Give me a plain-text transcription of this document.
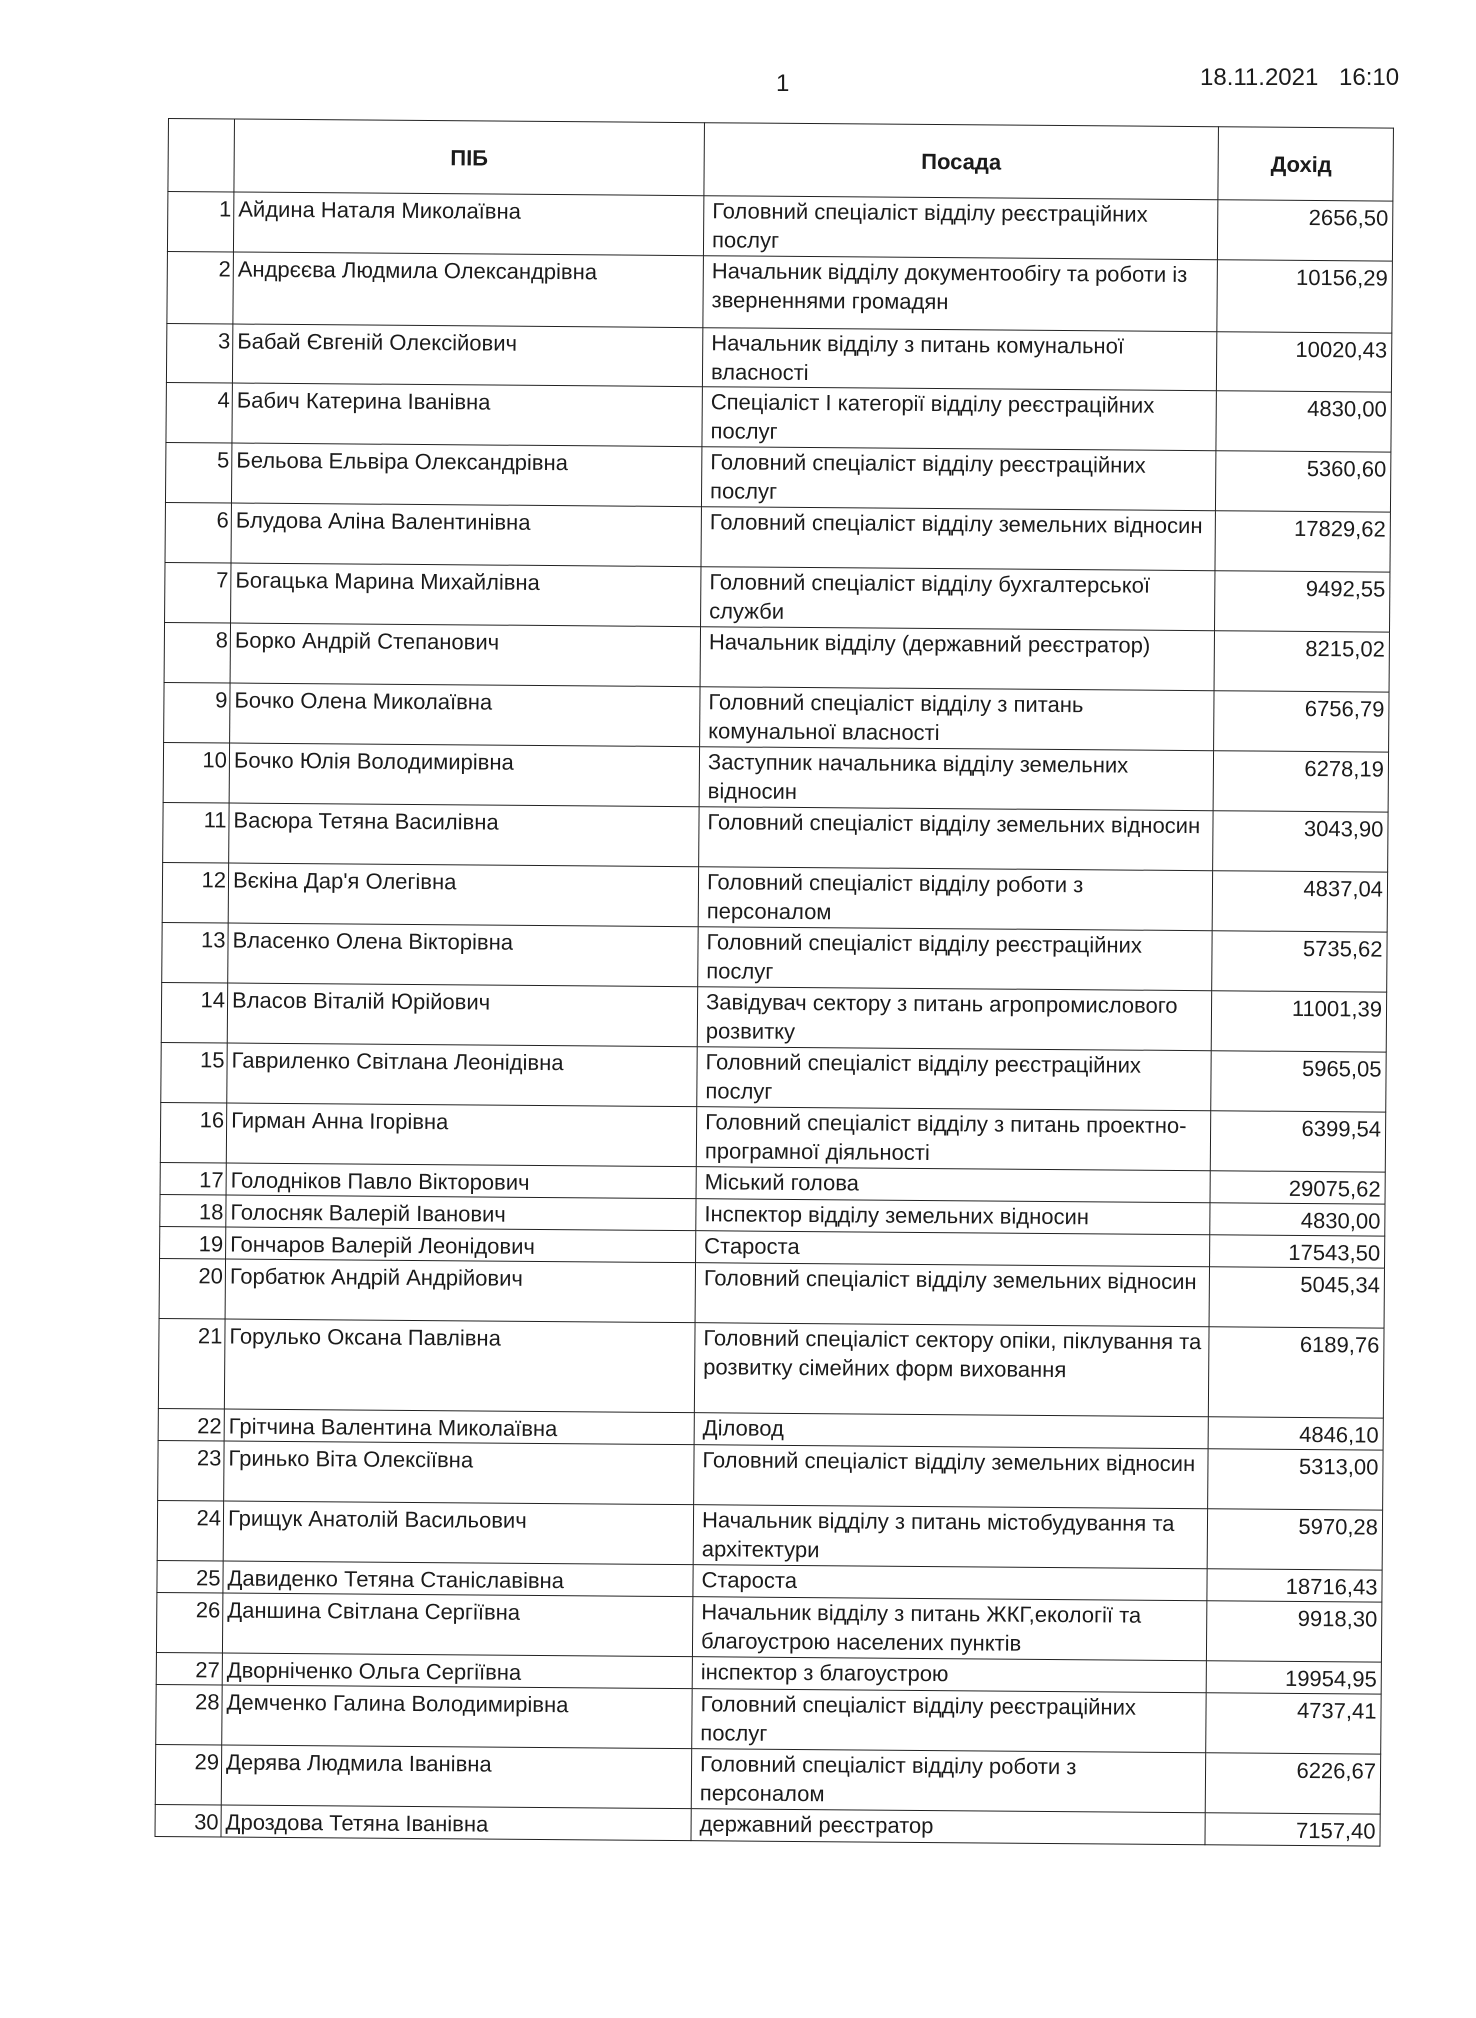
1	18.11.2021 16:10
	ПІБ	Посада	Дохід
1	Айдина Наталя Миколаївна	Головний спеціаліст відділу реєстраційних послуг	2656,50
2	Андрєєва Людмила Олександрівна	Начальник відділу документообігу та роботи із зверненнями громадян	10156,29
3	Бабай Євгеній Олексійович	Начальник відділу з питань комунальної власності	10020,43
4	Бабич Катерина Іванівна	Спеціаліст І категорії відділу реєстраційних послуг	4830,00
5	Бельова Ельвіра Олександрівна	Головний спеціаліст відділу реєстраційних послуг	5360,60
6	Блудова Аліна Валентинівна	Головний спеціаліст відділу земельних відносин	17829,62
7	Богацька Марина Михайлівна	Головний спеціаліст відділу бухгалтерської служби	9492,55
8	Борко Андрій Степанович	Начальник відділу (державний реєстратор)	8215,02
9	Бочко Олена Миколаївна	Головний спеціаліст відділу з питань комунальної власності	6756,79
10	Бочко Юлія Володимирівна	Заступник начальника відділу земельних відносин	6278,19
11	Васюра Тетяна Василівна	Головний спеціаліст відділу земельних відносин	3043,90
12	Вєкіна Дар'я Олегівна	Головний спеціаліст відділу роботи з персоналом	4837,04
13	Власенко Олена Вікторівна	Головний спеціаліст відділу реєстраційних послуг	5735,62
14	Власов Віталій Юрійович	Завідувач сектору з питань агропромислового розвитку	11001,39
15	Гавриленко Світлана Леонідівна	Головний спеціаліст відділу реєстраційних послуг	5965,05
16	Гирман Анна Ігорівна	Головний спеціаліст відділу з питань проектно-програмної діяльності	6399,54
17	Голодніков Павло Вікторович	Міський голова	29075,62
18	Голосняк Валерій Іванович	Інспектор відділу земельних відносин	4830,00
19	Гончаров Валерій Леонідович	Староста	17543,50
20	Горбатюк Андрій Андрійович	Головний спеціаліст відділу земельних відносин	5045,34
21	Горулько Оксана Павлівна	Головний спеціаліст сектору опіки, піклування та розвитку сімейних форм виховання	6189,76
22	Грітчина Валентина Миколаївна	Діловод	4846,10
23	Гринько Віта Олексіївна	Головний спеціаліст відділу земельних відносин	5313,00
24	Грищук Анатолій Васильович	Начальник відділу з питань містобудування та архітектури	5970,28
25	Давиденко Тетяна Станіславівна	Староста	18716,43
26	Даншина Світлана Сергіївна	Начальник відділу з питань ЖКГ,екології та благоустрою населених пунктів	9918,30
27	Дворніченко Ольга Сергіївна	інспектор з благоустрою	19954,95
28	Демченко Галина Володимирівна	Головний спеціаліст відділу реєстраційних послуг	4737,41
29	Дерява Людмила Іванівна	Головний спеціаліст відділу роботи з персоналом	6226,67
30	Дроздова Тетяна Іванівна	державний реєстратор	7157,40
